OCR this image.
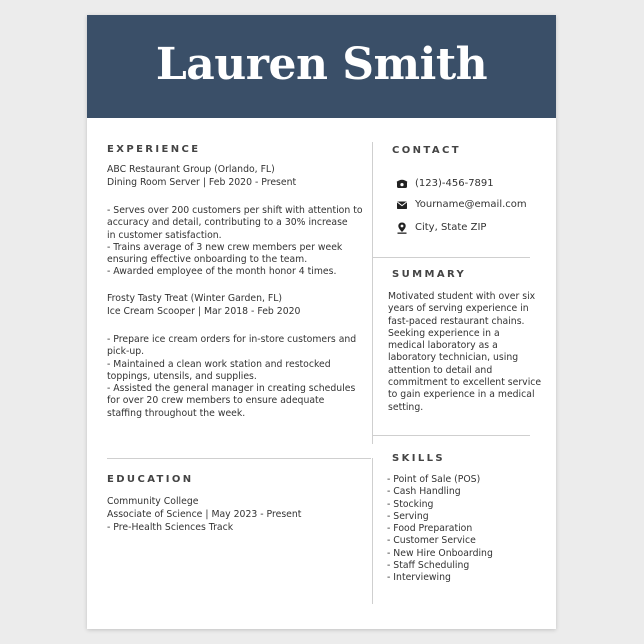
Lauren Smith
EXPERIENCE
ABC Restaurant Group (Orlando, FL)
Dining Room Server | Feb 2020 - Present
- Serves over 200 customers per shift with attention to
accuracy and detail, contributing to a 30% increase
in customer satisfaction.
- Trains average of 3 new crew members per week
ensuring effective onboarding to the team.
- Awarded employee of the month honor 4 times.
Frosty Tasty Treat (Winter Garden, FL)
Ice Cream Scooper | Mar 2018 - Feb 2020
- Prepare ice cream orders for in-store customers and
pick-up.
- Maintained a clean work station and restocked
toppings, utensils, and supplies.
- Assisted the general manager in creating schedules
for over 20 crew members to ensure adequate
staffing throughout the week.
EDUCATION
Community College
Associate of Science | May 2023 - Present
- Pre-Health Sciences Track
CONTACT
(123)-456-7891
Yourname@email.com
City, State ZIP
SUMMARY
Motivated student with over six
years of serving experience in
fast-paced restaurant chains.
Seeking experience in a
medical laboratory as a
laboratory technician, using
attention to detail and
commitment to excellent service
to gain experience in a medical
setting.
SKILLS
- Point of Sale (POS)
- Cash Handling
- Stocking
- Serving
- Food Preparation
- Customer Service
- New Hire Onboarding
- Staff Scheduling
- Interviewing
